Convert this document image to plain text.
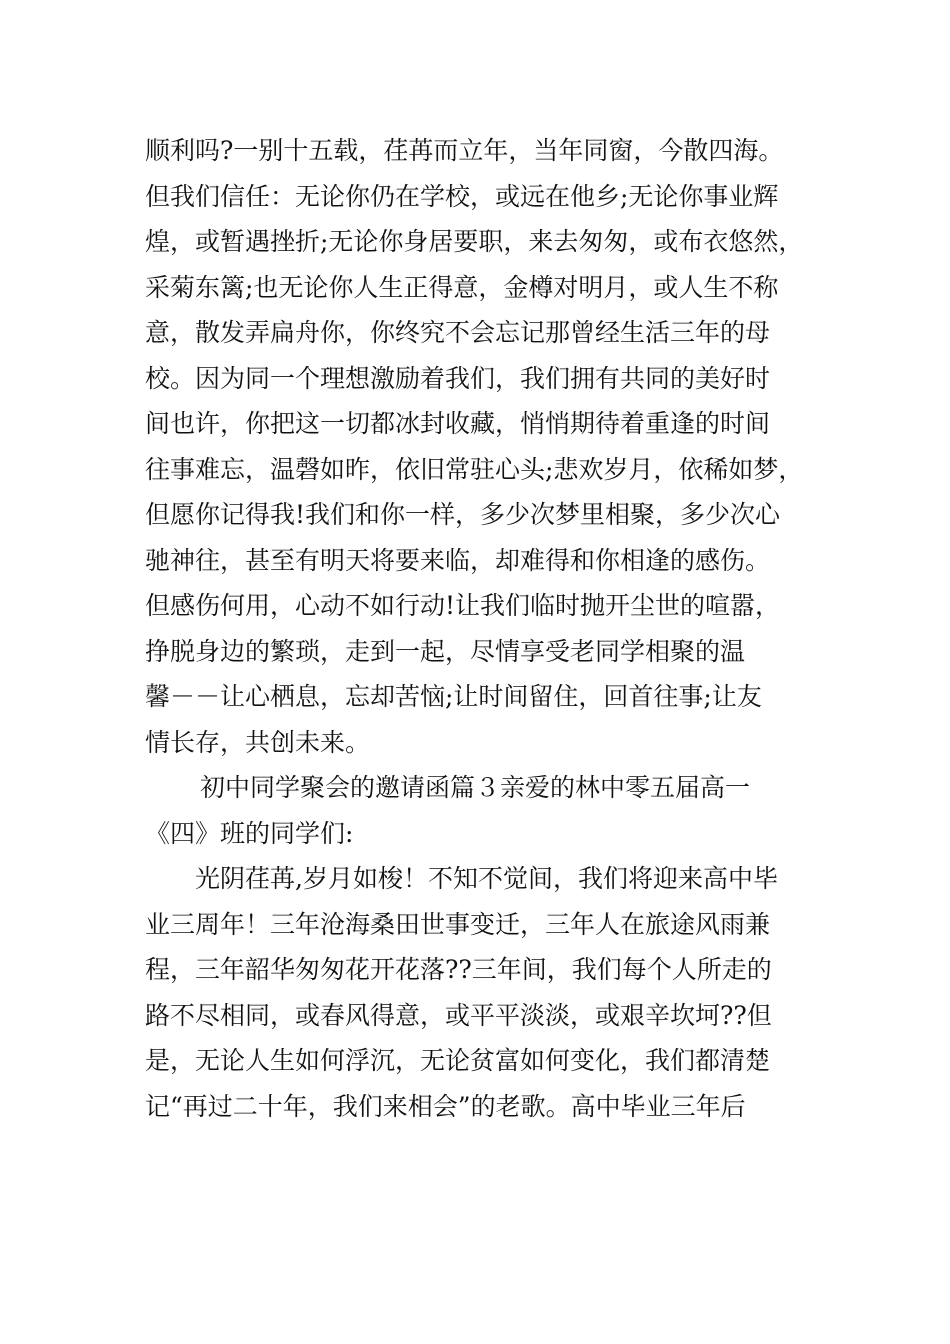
顺利吗?一别十五载，荏苒而立年，当年同窗，今散四海。
但我们信任：无论你仍在学校，或远在他乡;无论你事业辉
煌，或暂遇挫折;无论你身居要职，来去匆匆，或布衣悠然，
采菊东篱;也无论你人生正得意，金樽对明月，或人生不称
意，散发弄扁舟你，你终究不会忘记那曾经生活三年的母
校。因为同一个理想激励着我们，我们拥有共同的美好时
间也许，你把这一切都冰封收藏，悄悄期待着重逢的时间
往事难忘，温磬如昨，依旧常驻心头;悲欢岁月，依稀如梦，
但愿你记得我!我们和你一样，多少次梦里相聚，多少次心
驰神往，甚至有明天将要来临，却难得和你相逢的感伤。
但感伤何用，心动不如行动!让我们临时抛开尘世的喧嚣，
挣脱身边的繁琐，走到一起，尽情享受老同学相聚的温
馨－－让心栖息，忘却苦恼;让时间留住，回首往事;让友
情长存，共创未来。
初中同学聚会的邀请函篇３亲爱的林中零五届高一
《四》班的同学们:
光阴荏苒,岁月如梭！不知不觉间，我们将迎来高中毕
业三周年！三年沧海桑田世事变迁，三年人在旅途风雨兼
程，三年韶华匆匆花开花落??三年间，我们每个人所走的
路不尽相同，或春风得意，或平平淡淡，或艰辛坎坷??但
是，无论人生如何浮沉，无论贫富如何变化，我们都清楚
记“再过二十年，我们来相会”的老歌。高中毕业三年后
